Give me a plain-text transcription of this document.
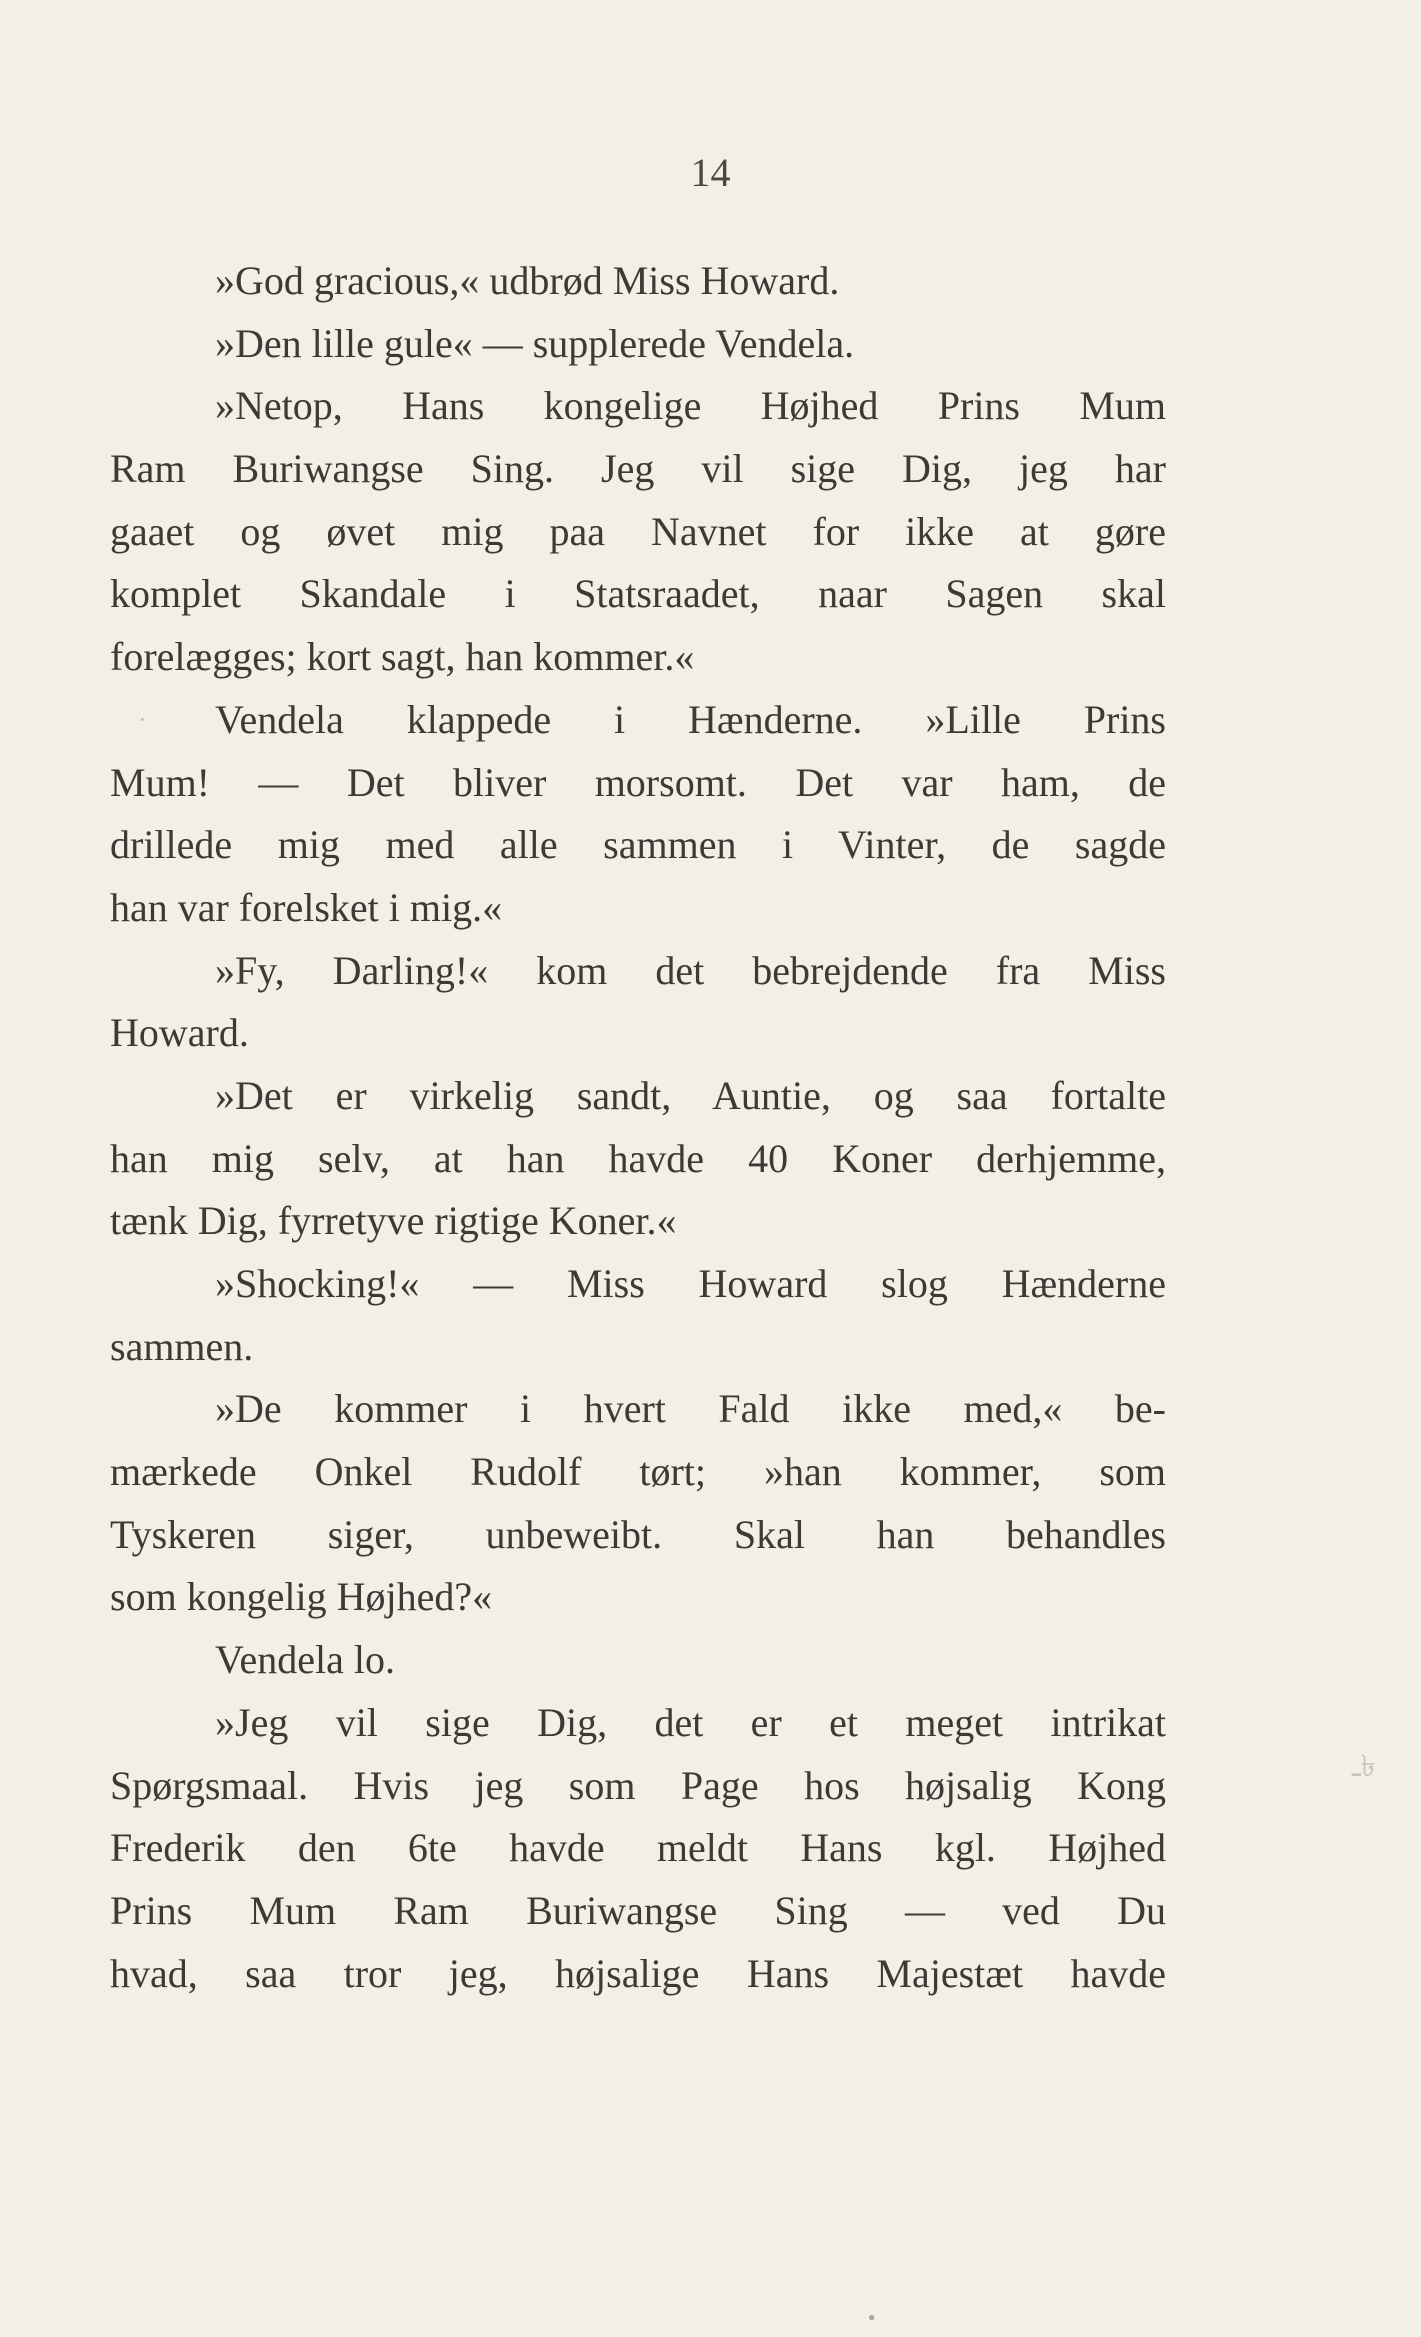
14
»God gracious,« udbrød Miss Howard.
»Den lille gule« — supplerede Vendela.
»Netop, Hans kongelige Højhed Prins Mum
Ram Buriwangse Sing. Jeg vil sige Dig, jeg har
gaaet og øvet mig paa Navnet for ikke at gøre
komplet Skandale i Statsraadet, naar Sagen skal
forelægges; kort sagt, han kommer.«
Vendela klappede i Hænderne. »Lille Prins
Mum! — Det bliver morsomt. Det var ham, de
drillede mig med alle sammen i Vinter, de sagde
han var forelsket i mig.«
»Fy, Darling!« kom det bebrejdende fra Miss
Howard.
»Det er virkelig sandt, Auntie, og saa fortalte
han mig selv, at han havde 40 Koner derhjemme,
tænk Dig, fyrretyve rigtige Koner.«
»Shocking!« — Miss Howard slog Hænderne
sammen.
»De kommer i hvert Fald ikke med,« be-
mærkede Onkel Rudolf tørt; »han kommer, som
Tyskeren siger, unbeweibt. Skal han behandles
som kongelig Højhed?«
Vendela lo.
»Jeg vil sige Dig, det er et meget intrikat
Spørgsmaal. Hvis jeg som Page hos højsalig Kong
Frederik den 6te havde meldt Hans kgl. Højhed
Prins Mum Ram Buriwangse Sing — ved Du
hvad, saa tror jeg, højsalige Hans Majestæt havde
·
ـ৳
●
